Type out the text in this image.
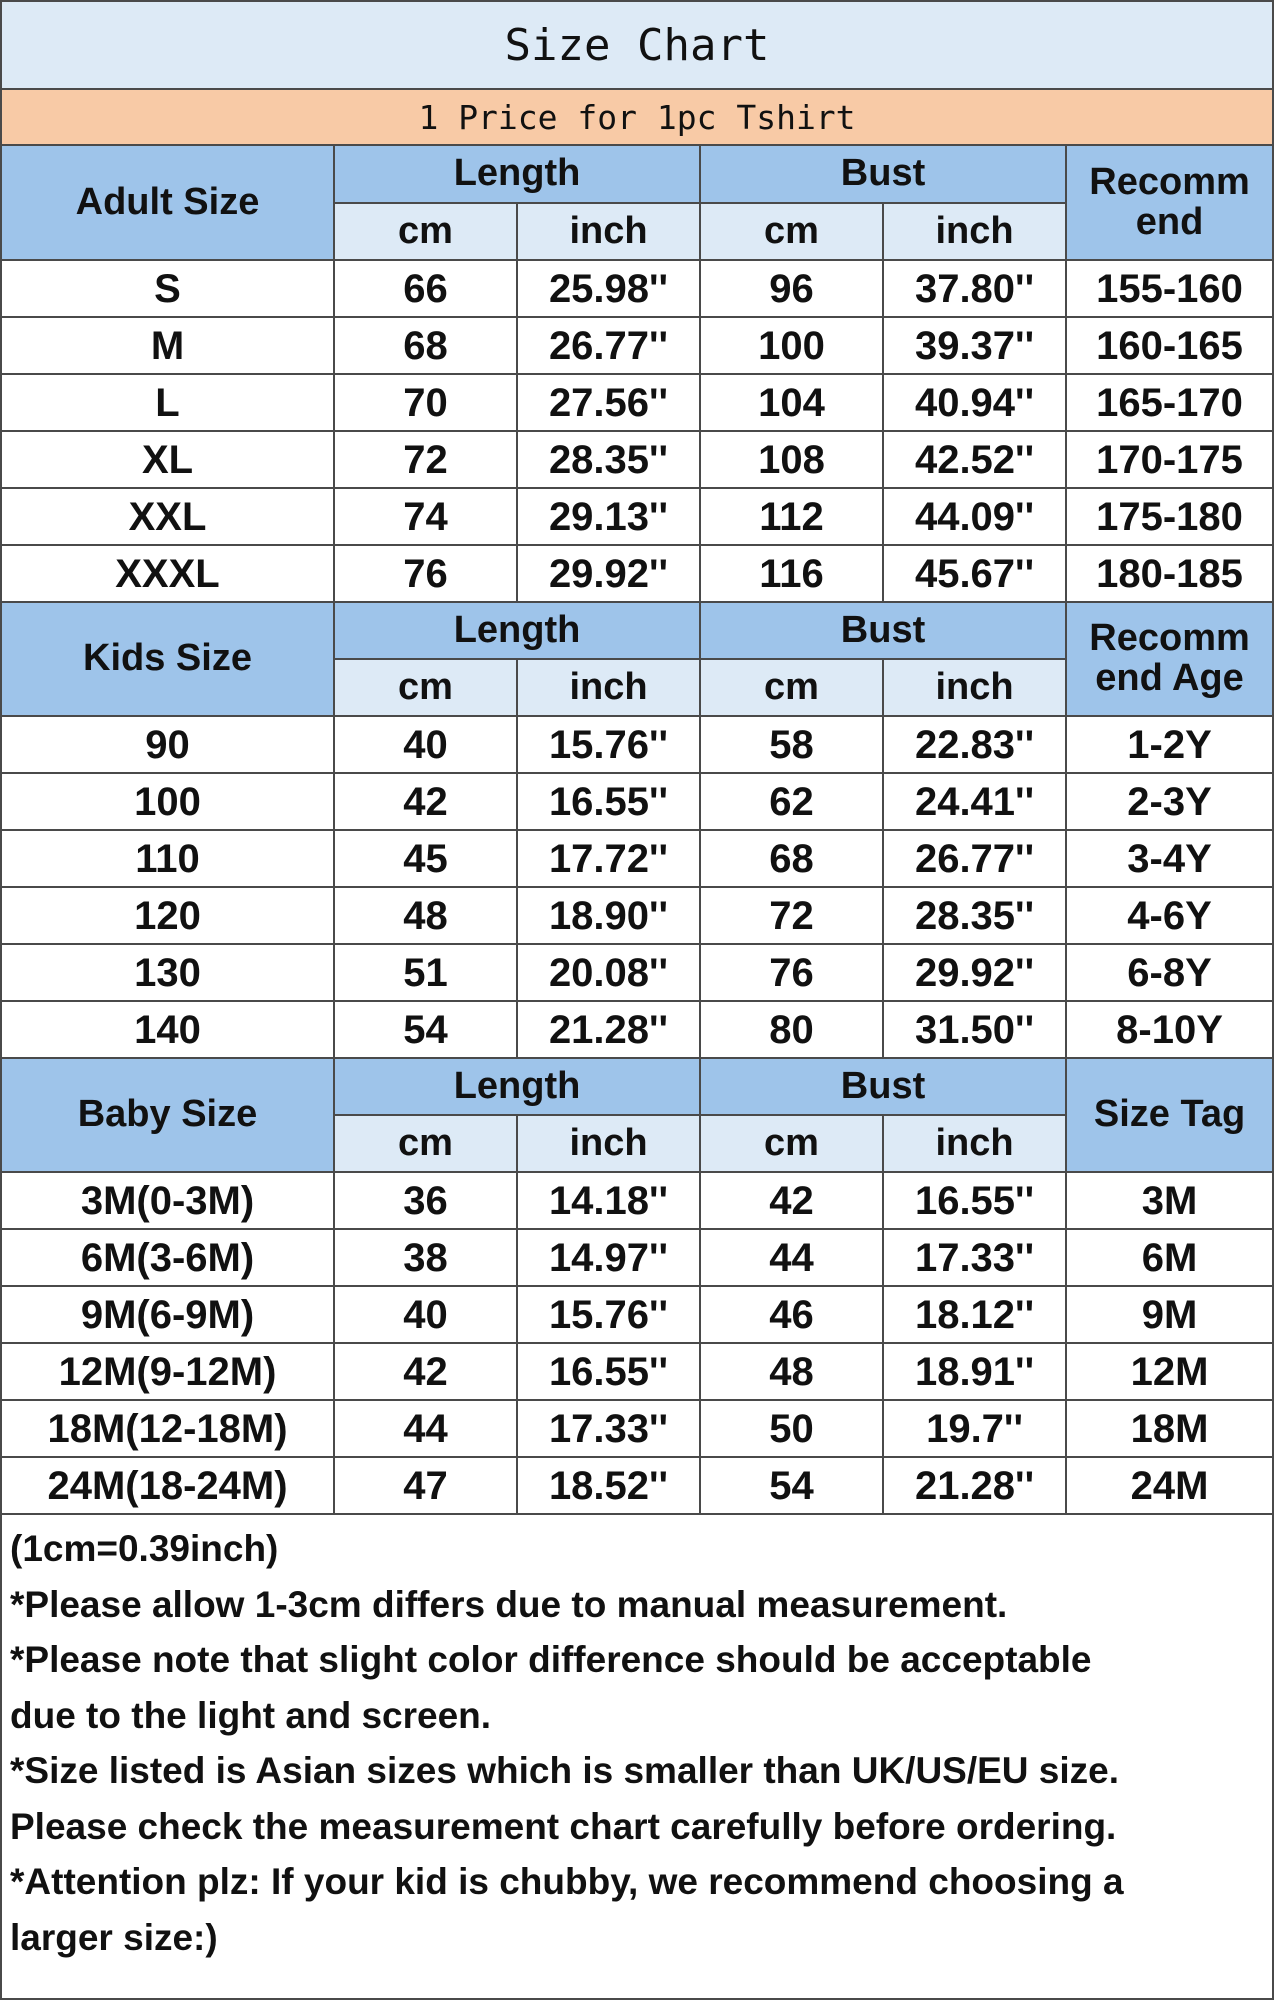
Size Chart
1 Price for 1pc Tshirt
Adult Size	Length		Bust		Recomm
end

	cm	inch	cm	inch	
S	66	25.98''	96	37.80''	155-160
M	68	26.77''	100	39.37''	160-165
L	70	27.56''	104	40.94''	165-170
XL	72	28.35''	108	42.52''	170-175
XXL	74	29.13''	112	44.09''	175-180
XXXL	76	29.92''	116	45.67''	180-185
Kids Size	Length		Bust		Recomm
end Age

	cm	inch	cm	inch	
90	40	15.76''	58	22.83''	1-2Y
100	42	16.55''	62	24.41''	2-3Y
110	45	17.72''	68	26.77''	3-4Y
120	48	18.90''	72	28.35''	4-6Y
130	51	20.08''	76	29.92''	6-8Y
140	54	21.28''	80	31.50''	8-10Y
Baby Size	Length		Bust		Size Tag
	cm	inch	cm	inch	
3M(0-3M)	36	14.18''	42	16.55''	3M
6M(3-6M)	38	14.97''	44	17.33''	6M
9M(6-9M)	40	15.76''	46	18.12''	9M
12M(9-12M)	42	16.55''	48	18.91''	12M
18M(12-18M)	44	17.33''	50	19.7''	18M
24M(18-24M)	47	18.52''	54	21.28''	24M
(1cm=0.39inch)
*Please allow 1-3cm differs due to manual measurement.
*Please note that slight color difference should be acceptable
due to the light and screen.
*Size listed is Asian sizes which is smaller than UK/US/EU size.
Please check the measurement chart carefully before ordering.
*Attention plz: If your kid is chubby, we recommend choosing a
larger size:)
